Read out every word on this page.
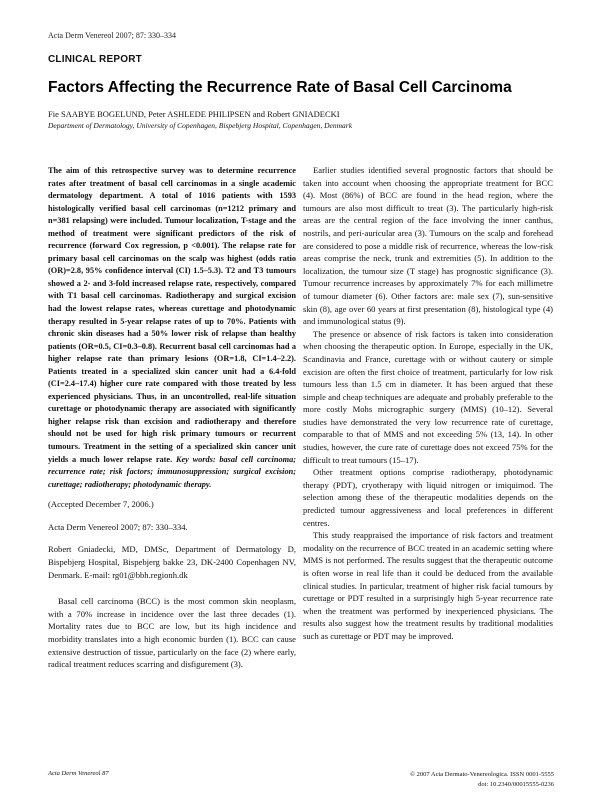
Acta Derm Venereol 2007; 87: 330–334
CLINICAL REPORT
Factors Affecting the Recurrence Rate of Basal Cell Carcinoma
Fie SAABYE BOGELUND, Peter ASHLEDE PHILIPSEN and Robert GNIADECKI
Department of Dermatology, University of Copenhagen, Bispebjerg Hospital, Copenhagen, Denmark

The aim of this retrospective survey was to determine recurrence rates after treatment of basal cell carcinomas in a single academic dermatology department. A total of 1016 patients with 1593 histologically verified basal cell carcinomas (n=1212 primary and n=381 relapsing) were included. Tumour localization, T-stage and the method of treatment were significant predictors of the risk of recurrence (forward Cox regression, p <0.001). The relapse rate for primary basal cell carcinomas on the scalp was highest (odds ratio (OR)=2.8, 95% confidence interval (CI) 1.5–5.3). T2 and T3 tumours showed a 2- and 3-fold increased relapse rate, respectively, compared with T1 basal cell carcinomas. Radiotherapy and surgical excision had the lowest relapse rates, whereas curettage and photodynamic therapy resulted in 5-year relapse rates of up to 70%. Patients with chronic skin diseases had a 50% lower risk of relapse than healthy patients (OR=0.5, CI=0.3–0.8). Recurrent basal cell carcinomas had a higher relapse rate than primary lesions (OR=1.8, CI=1.4–2.2). Patients treated in a specialized skin cancer unit had a 6.4-fold (CI=2.4–17.4) higher cure rate compared with those treated by less experienced physicians. Thus, in an uncontrolled, real-life situation curettage or photodynamic therapy are associated with significantly higher relapse risk than excision and radiotherapy and therefore should not be used for high risk primary tumours or recurrent tumours. Treatment in the setting of a specialized skin cancer unit yields a much lower relapse rate. Key words: basal cell carcinoma; recurrence rate; risk factors; immunosuppression; surgical excision; curettage; radiotherapy; photodynamic therapy.

(Accepted December 7, 2006.)

Acta Derm Venereol 2007; 87: 330–334.

Robert Gniadecki, MD, DMSc, Department of Dermatology D, Bispebjerg Hospital, Bispebjerg bakke 23, DK-2400 Copenhagen NV, Denmark. E-mail: rg01@bbh.regionh.dk

Basal cell carcinoma (BCC) is the most common skin neoplasm, with a 70% increase in incidence over the last three decades (1). Mortality rates due to BCC are low, but its high incidence and morbidity translates into a high economic burden (1). BCC can cause extensive destruction of tissue, particularly on the face (2) where early, radical treatment reduces scarring and disfigurement (3).

Earlier studies identified several prognostic factors that should be taken into account when choosing the appropriate treatment for BCC (4). Most (86%) of BCC are found in the head region, where the tumours are also most difficult to treat (3). The particularly high-risk areas are the central region of the face involving the inner canthus, nostrils, and peri-auricular area (3). Tumours on the scalp and forehead are considered to pose a middle risk of recurrence, whereas the low-risk areas comprise the neck, trunk and extremities (5). In addition to the localization, the tumour size (T stage) has prognostic significance (3). Tumour recurrence increases by approximately 7% for each millimetre of tumour diameter (6). Other factors are: male sex (7), sun-sensitive skin (8), age over 60 years at first presentation (8), histological type (4) and immunological status (9).

The presence or absence of risk factors is taken into consideration when choosing the therapeutic option. In Europe, especially in the UK, Scandinavia and France, curettage with or without cautery or simple excision are often the first choice of treatment, particularly for low risk tumours less than 1.5 cm in diameter. It has been argued that these simple and cheap techniques are adequate and probably preferable to the more costly Mohs micrographic surgery (MMS) (10–12). Several studies have demonstrated the very low recurrence rate of curettage, comparable to that of MMS and not exceeding 5% (13, 14). In other studies, however, the cure rate of curettage does not exceed 75% for the difficult to treat tumours (15–17).

Other treatment options comprise radiotherapy, photodynamic therapy (PDT), cryotherapy with liquid nitrogen or imiquimod. The selection among these of the therapeutic modalities depends on the predicted tumour aggressiveness and local preferences in different centres.

This study reappraised the importance of risk factors and treatment modality on the recurrence of BCC treated in an academic setting where MMS is not performed. The results suggest that the therapeutic outcome is often worse in real life than it could be deduced from the available clinical studies. In particular, treatment of higher risk facial tumours by curettage or PDT resulted in a surprisingly high 5-year recurrence rate when the treatment was performed by inexperienced physicians. The results also suggest how the treatment results by traditional modalities such as curettage or PDT may be improved.

Acta Derm Venereol 87	© 2007 Acta Dermato-Venereologica. ISSN 0001-5555
doi: 10.2340/00015555-0236
